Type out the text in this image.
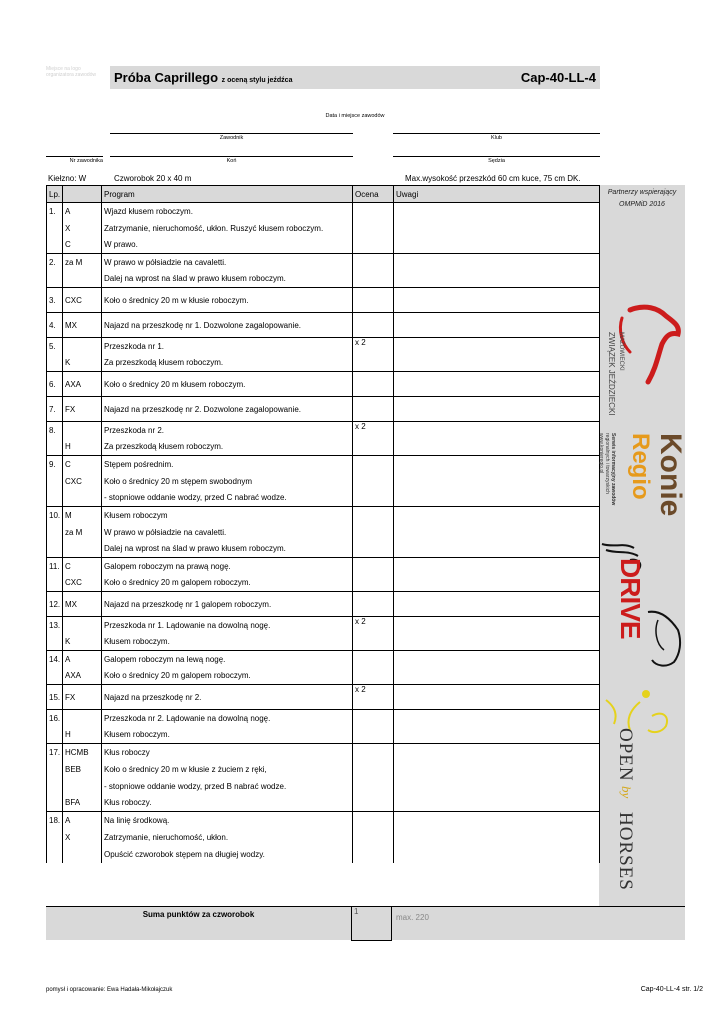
Miejsce na logo organizatora zawodów	Próba Caprillego z oceną stylu jeźdźca	Cap-40-LL-4
Data i miejsce zawodów
Zawodnik	Klub
Nr zawodnika	Koń	Sędzia
Kiełzno: W	Czworobok 20 x 40 m	Max.wysokość przeszkód 60 cm kuce, 75 cm DK.
Partnerzy wspierający
OMPMiD 2016
Lp.		Program	Ocena	Uwagi
1.	A	Wjazd kłusem roboczym.		
	X	Zatrzymanie, nieruchomość, ukłon. Ruszyć kłusem roboczym.		
	C	W prawo.		
2.	za M	W prawo w półsiadzie na cavaletti.		
		Dalej na wprost na ślad w prawo kłusem roboczym.		
3.	CXC	Koło o średnicy 20 m w kłusie roboczym.		
4.	MX	Najazd na przeszkodę nr 1. Dozwolone zagalopowanie.		
5.		Przeszkoda nr 1.	x 2	
	K	Za przeszkodą kłusem roboczym.		
6.	AXA	Koło o średnicy 20 m kłusem roboczym.		
7.	FX	Najazd na przeszkodę nr 2. Dozwolone zagalopowanie.		
8.		Przeszkoda nr 2.	x 2	
	H	Za przeszkodą kłusem roboczym.		
9.	C	Stępem pośrednim.		
	CXC	Koło o średnicy 20 m stępem swobodnym		
		- stopniowe oddanie wodzy, przed C nabrać wodze.		
10.	M	Kłusem roboczym		
	za M	W prawo w półsiadzie na cavaletti.		
		Dalej na wprost na ślad w prawo kłusem roboczym.		
11.	C	Galopem roboczym na prawą nogę.		
	CXC	Koło o średnicy 20 m galopem roboczym.		
12.	MX	Najazd na przeszkodę nr 1 galopem roboczym.		
13.		Przeszkoda nr 1. Lądowanie na dowolną nogę.	x 2	
	K	Kłusem roboczym.		
14.	A	Galopem roboczym na lewą nogę.		
	AXA	Koło o średnicy 20 m galopem roboczym.		
15.	FX	Najazd na przeszkodę nr 2.	x 2	
16.		Przeszkoda nr 2. Lądowanie na dowolną nogę.		
	H	Kłusem roboczym.		
17.	HCMB	Kłus roboczy		
	BEB	Koło o średnicy 20 m w kłusie z żuciem z ręki,		
		- stopniowe oddanie wodzy, przed B nabrać wodze.		
	BFA	Kłus roboczy.		
18.	A	Na linię środkową.		
	X	Zatrzymanie, nieruchomość, ukłon.		
		Opuścić czworobok stępem na długiej wodzy.		
Suma punktów za czworobok	1
max. 220
MAZOWIECKI
ZWIĄZEK JEŹDZIECKI
Konie
Regio
Serwis informacyjny zawodów
regionalnych i towarzyskich
www.konieregio.pl
DRIVE
OPEN
by
HORSES
pomysł i opracowanie: Ewa Hadała-Mikołajczuk	Cap-40-LL-4 str. 1/2
